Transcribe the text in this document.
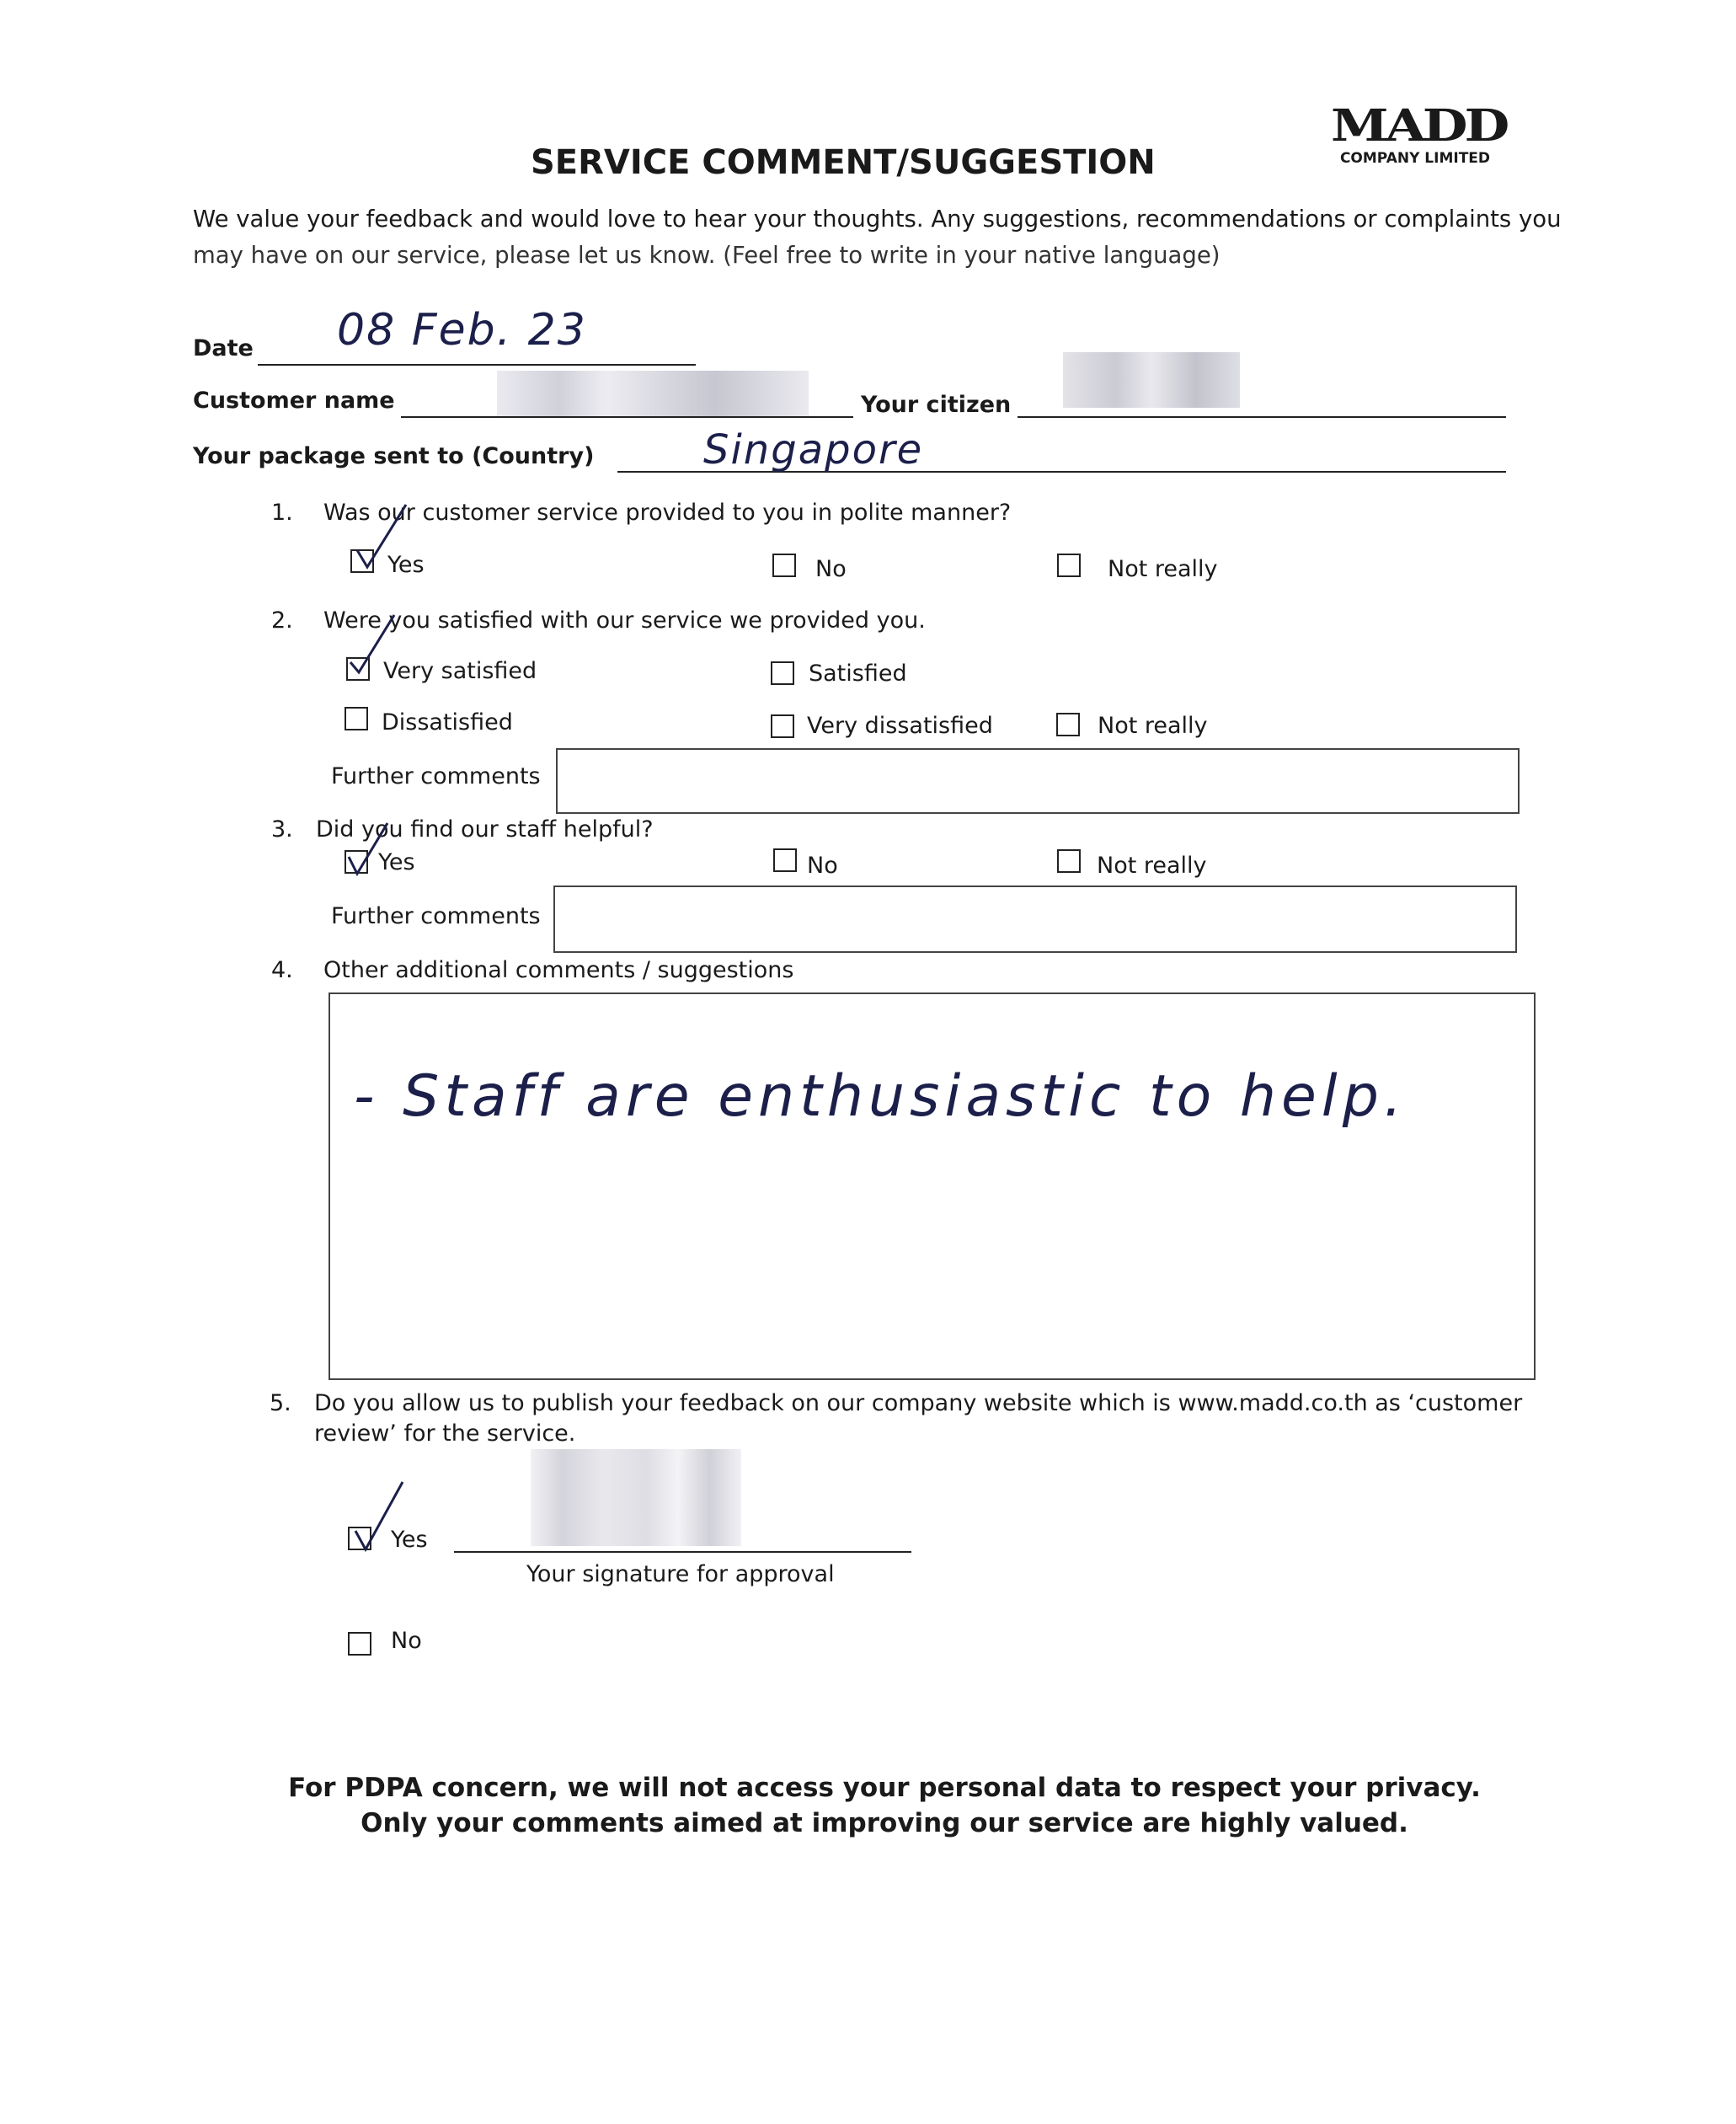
MADD
COMPANY LIMITED
SERVICE COMMENT/SUGGESTION
We value your feedback and would love to hear your thoughts. Any suggestions, recommendations or complaints you
may have on our service, please let us know. (Feel free to write in your native language)
Date 08 Feb. 23
Customer name	Your citizen
Your package sent to (Country)	Singapore
1. Was our customer service provided to you in polite manner?
Yes	No	Not really
2. Were you satisfied with our service we provided you.
Very satisfied	Satisfied
Dissatisfied	Very dissatisfied	Not really
Further comments
3. Did you find our staff helpful?
Yes	No	Not really
Further comments
4. Other additional comments / suggestions
- Staff are enthusiastic to help.
5. Do you allow us to publish your feedback on our company website which is www.madd.co.th as ‘customer
review’ for the service.
Yes
Your signature for approval
No
For PDPA concern, we will not access your personal data to respect your privacy.
Only your comments aimed at improving our service are highly valued.
